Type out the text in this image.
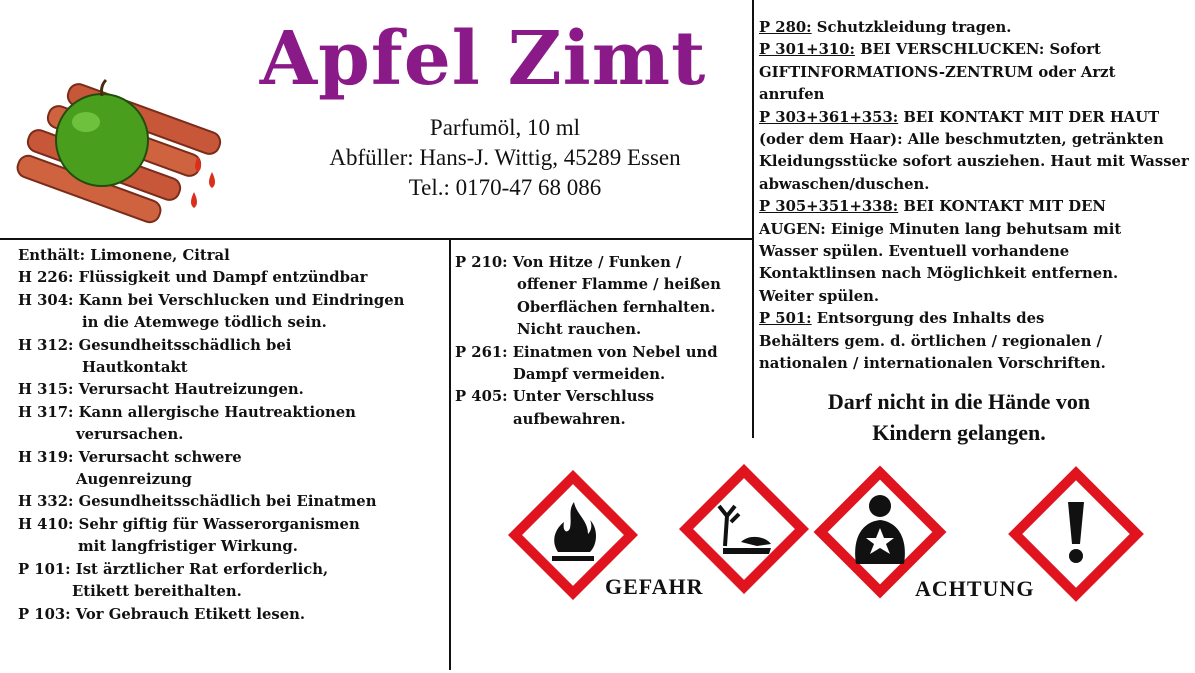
Apfel Zimt
Parfumöl, 10 ml
Abfüller: Hans-J. Wittig, 45289 Essen
Tel.: 0170-47 68 086

Enthält: Limonene, Citral

H 226: Flüssigkeit und Dampf entzündbar

H 304: Kann bei Verschlucken und Eindringen

in die Atemwege tödlich sein.

H 312: Gesundheitsschädlich bei

Hautkontakt

H 315: Verursacht Hautreizungen.

H 317: Kann allergische Hautreaktionen

verursachen.

H 319: Verursacht schwere

Augenreizung

H 332: Gesundheitsschädlich bei Einatmen

H 410: Sehr giftig für Wasserorganismen

mit langfristiger Wirkung.

P 101: Ist ärztlicher Rat erforderlich,

Etikett bereithalten.

P 103: Vor Gebrauch Etikett lesen.

P 210: Von Hitze / Funken /

offener Flamme / heißen

Oberflächen fernhalten.

Nicht rauchen.

P 261: Einatmen von Nebel und

Dampf vermeiden.

P 405: Unter Verschluss

aufbewahren.

P 280: Schutzkleidung tragen.

P 301+310: BEI VERSCHLUCKEN: Sofort

GIFTINFORMATIONS-ZENTRUM oder Arzt

anrufen

P 303+361+353: BEI KONTAKT MIT DER HAUT

(oder dem Haar): Alle beschmutzten, getränkten

Kleidungsstücke sofort ausziehen. Haut mit Wasser

abwaschen/duschen.

P 305+351+338: BEI KONTAKT MIT DEN

AUGEN: Einige Minuten lang behutsam mit

Wasser spülen. Eventuell vorhandene

Kontaktlinsen nach Möglichkeit entfernen.

Weiter spülen.

P 501: Entsorgung des Inhalts des

Behälters gem. d. örtlichen / regionalen /

nationalen / internationalen Vorschriften.

Darf nicht in die Hände von
Kindern gelangen.
GEFAHR	ACHTUNG
